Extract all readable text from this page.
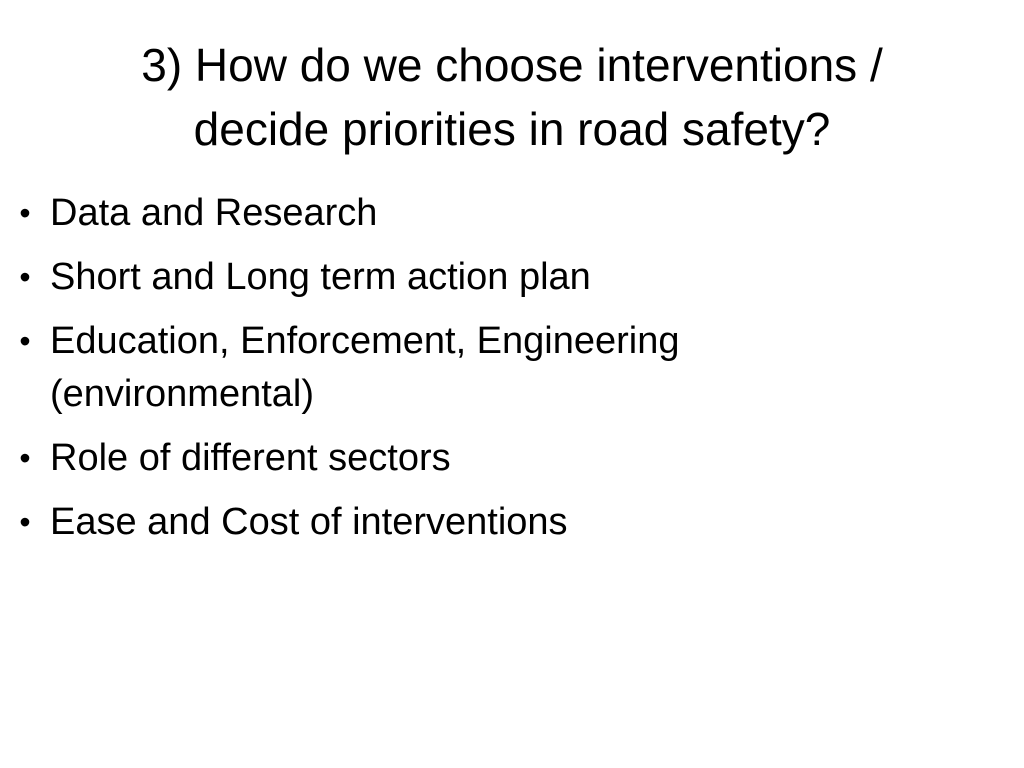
3) How do we choose interventions /
decide priorities in road safety?
• Data and Research
• Short and Long term action plan
• Education, Enforcement, Engineering
(environmental)
• Role of different sectors
• Ease and Cost of interventions
